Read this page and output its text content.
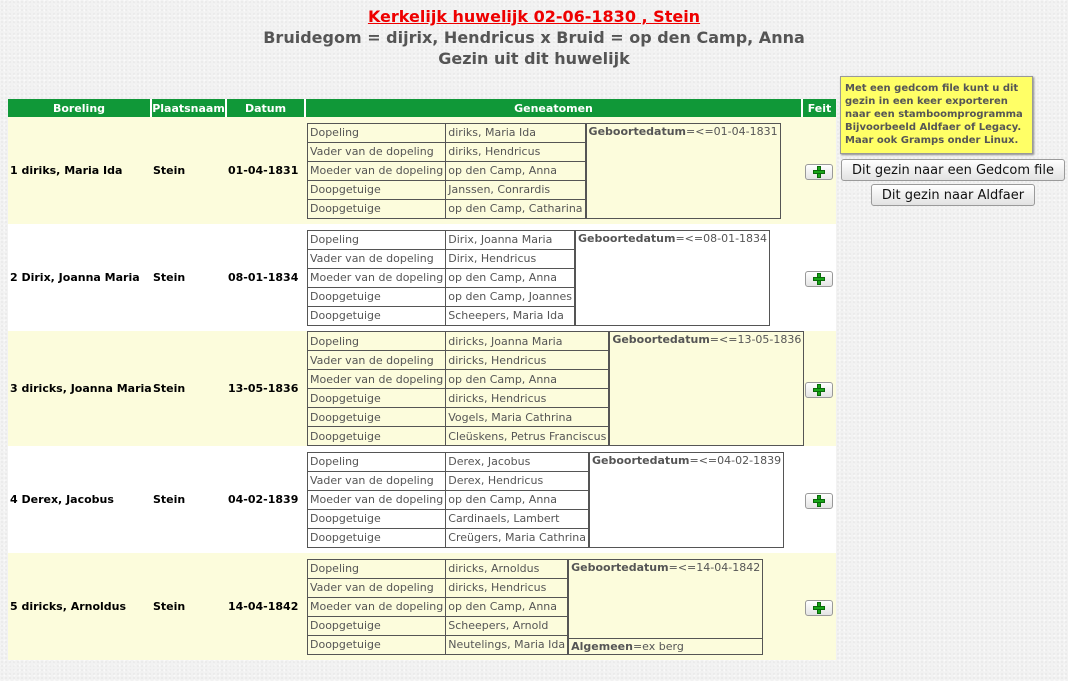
Kerkelijk huwelijk 02-06-1830 , Stein
Bruidegom = dijrix, Hendricus x Bruid = op den Camp, Anna
Gezin uit dit huwelijk
Boreling	Plaatsnaam	Datum	Geneatomen	Feit
1 diriks, Maria Ida	Stein	01-04-1831	
Dopeling	diriks, Maria Ida
Vader van de dopeling	diriks, Hendricus
Moeder van de dopeling	op den Camp, Anna
Doopgetuige	Janssen, Conrardis
Doopgetuige	op den Camp, Catharina
Geboortedatum=<=01-04-1831

2 Dirix, Joanna Maria	Stein	08-01-1834	
Dopeling	Dirix, Joanna Maria
Vader van de dopeling	Dirix, Hendricus
Moeder van de dopeling	op den Camp, Anna
Doopgetuige	op den Camp, Joannes
Doopgetuige	Scheepers, Maria Ida
Geboortedatum=<=08-01-1834

3 diricks, Joanna Maria	Stein	13-05-1836	
Dopeling	diricks, Joanna Maria
Vader van de dopeling	diricks, Hendricus
Moeder van de dopeling	op den Camp, Anna
Doopgetuige	diricks, Hendricus
Doopgetuige	Vogels, Maria Cathrina
Doopgetuige	Cleüskens, Petrus Franciscus
Geboortedatum=<=13-05-1836

4 Derex, Jacobus	Stein	04-02-1839	
Dopeling	Derex, Jacobus
Vader van de dopeling	Derex, Hendricus
Moeder van de dopeling	op den Camp, Anna
Doopgetuige	Cardinaels, Lambert
Doopgetuige	Creügers, Maria Cathrina
Geboortedatum=<=04-02-1839

5 diricks, Arnoldus	Stein	14-04-1842	
Dopeling	diricks, Arnoldus
Vader van de dopeling	diricks, Hendricus
Moeder van de dopeling	op den Camp, Anna
Doopgetuige	Scheepers, Arnold
Doopgetuige	Neutelings, Maria Ida
Geboortedatum=<=14-04-1842
Algemeen=ex berg

Met een gedcom file kunt u dit gezin in een keer exporteren naar een stamboomprogramma Bijvoorbeeld Aldfaer of Legacy. Maar ook Gramps onder Linux.
Dit gezin naar een Gedcom file
Dit gezin naar Aldfaer
